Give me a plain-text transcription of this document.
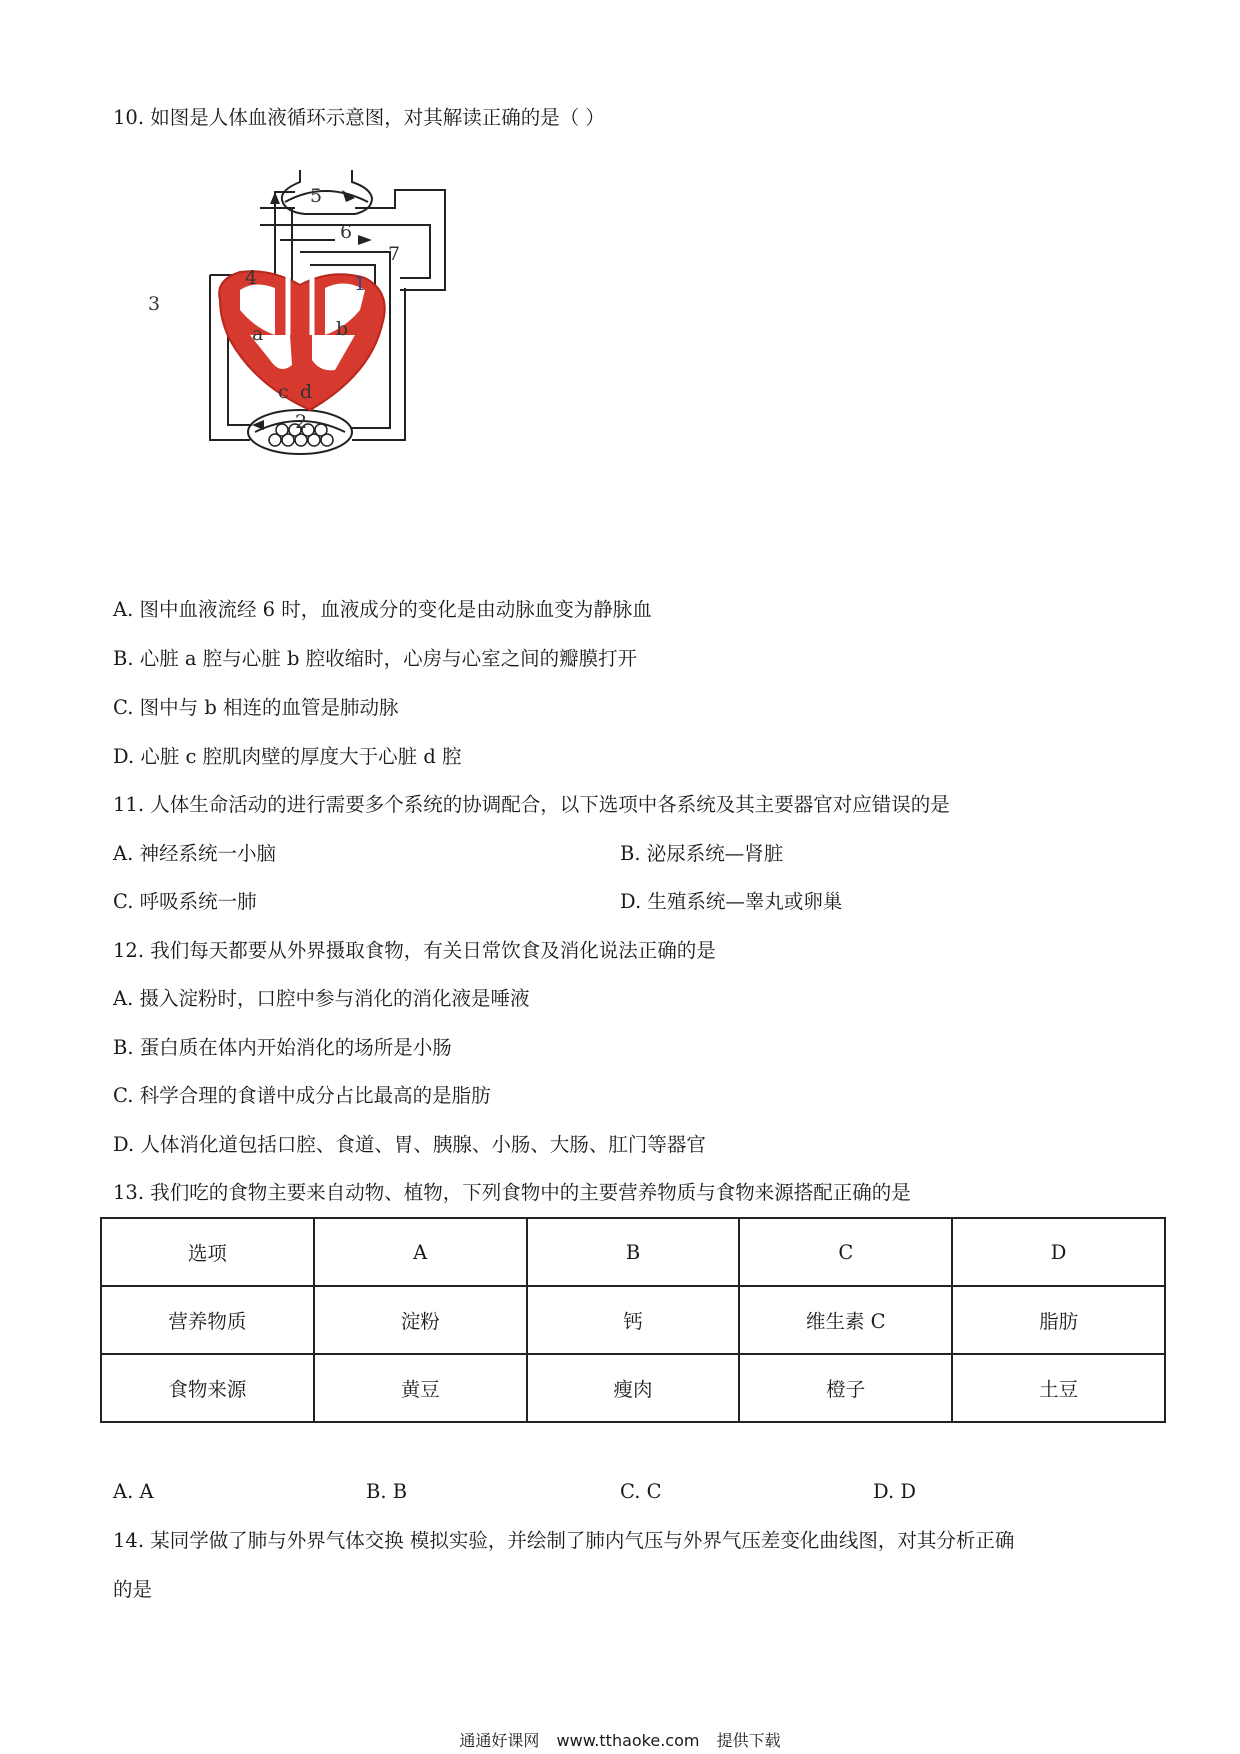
10. 如图是人体血液循环示意图，对其解读正确的是（ ）
5
6
7
4	1
3
2
a	b
c d
A. 图中血液流经 6 时，血液成分的变化是由动脉血变为静脉血
B. 心脏 a 腔与心脏 b 腔收缩时，心房与心室之间的瓣膜打开
C. 图中与 b 相连的血管是肺动脉
D. 心脏 c 腔肌肉壁的厚度大于心脏 d 腔
11. 人体生命活动的进行需要多个系统的协调配合，以下选项中各系统及其主要器官对应错误的是
A. 神经系统一小脑	B. 泌尿系统—肾脏
C. 呼吸系统一肺	D. 生殖系统—睾丸或卵巢
12. 我们每天都要从外界摄取食物，有关日常饮食及消化说法正确的是
A. 摄入淀粉时，口腔中参与消化的消化液是唾液
B. 蛋白质在体内开始消化的场所是小肠
C. 科学合理的食谱中成分占比最高的是脂肪
D. 人体消化道包括口腔、食道、胃、胰腺、小肠、大肠、肛门等器官
13. 我们吃的食物主要来自动物、植物，下列食物中的主要营养物质与食物来源搭配正确的是
选项	A	B	C	D
营养物质	淀粉	钙	维生素 C	脂肪
食物来源	黄豆	瘦肉	橙子	土豆
A. A	B. B	C. C	D. D
14. 某同学做了肺与外界气体交换 模拟实验，并绘制了肺内气压与外界气压差变化曲线图，对其分析正确
的是
通通好课网 www.tthaoke.com 提供下载
